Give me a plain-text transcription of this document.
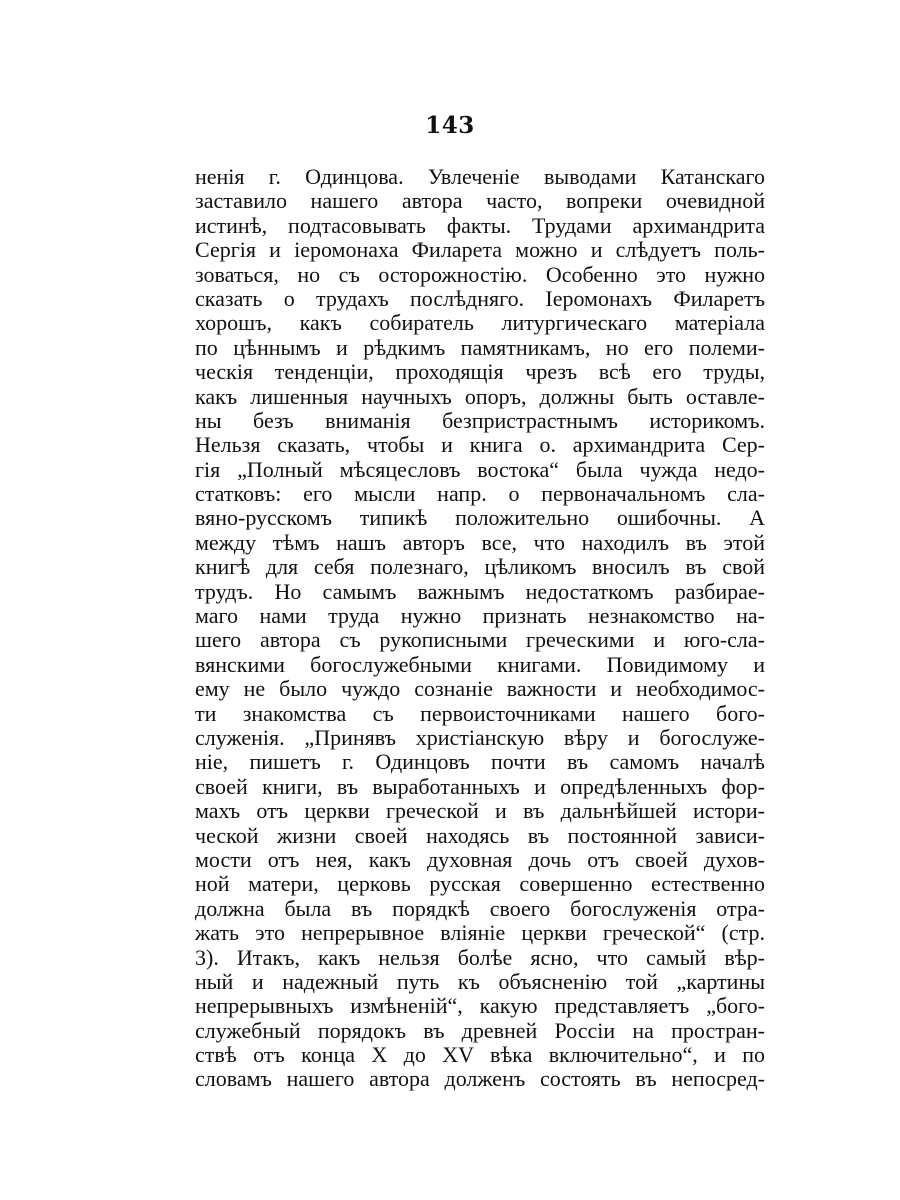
143
ненія г. Одинцова. Увлеченіе выводами Катанскаго
заставило нашего автора часто, вопреки очевидной
истинѣ, подтасовывать факты. Трудами архимандрита
Сергія и іеромонаха Филарета можно и слѣдуетъ поль-
зоваться, но съ осторожностію. Особенно это нужно
сказать о трудахъ послѣдняго. Іеромонахъ Филаретъ
хорошъ, какъ собиратель литургическаго матеріала
по цѣннымъ и рѣдкимъ памятникамъ, но его полеми-
ческія тенденціи, проходящія чрезъ всѣ его труды,
какъ лишенныя научныхъ опоръ, должны быть оставле-
ны безъ вниманія безпристрастнымъ историкомъ.
Нельзя сказать, чтобы и книга о. архимандрита Сер-
гія „Полный мѣсяцесловъ востока“ была чужда недо-
статковъ: его мысли напр. о первоначальномъ сла-
вяно-русскомъ типикѣ положительно ошибочны. А
между тѣмъ нашъ авторъ все, что находилъ въ этой
книгѣ для себя полезнаго, цѣликомъ вносилъ въ свой
трудъ. Но самымъ важнымъ недостаткомъ разбирае-
маго нами труда нужно признать незнакомство на-
шего автора съ рукописными греческими и юго-сла-
вянскими богослужебными книгами. Повидимому и
ему не было чуждо сознаніе важности и необходимос-
ти знакомства съ первоисточниками нашего бого-
служенія. „Принявъ христіанскую вѣру и богослуже-
ніе, пишетъ г. Одинцовъ почти въ самомъ началѣ
своей книги, въ выработанныхъ и опредѣленныхъ фор-
махъ отъ церкви греческой и въ дальнѣйшей истори-
ческой жизни своей находясь въ постоянной зависи-
мости отъ нея, какъ духовная дочь отъ своей духов-
ной матери, церковь русская совершенно естественно
должна была въ порядкѣ своего богослуженія отра-
жать это непрерывное вліяніе церкви греческой“ (стр.
3). Итакъ, какъ нельзя болѣе ясно, что самый вѣр-
ный и надежный путь къ объясненію той „картины
непрерывныхъ измѣненій“, какую представляетъ „бого-
служебный порядокъ въ древней Россіи на простран-
ствѣ отъ конца X до XV вѣка включительно“, и по
словамъ нашего автора долженъ состоять въ непосред-
